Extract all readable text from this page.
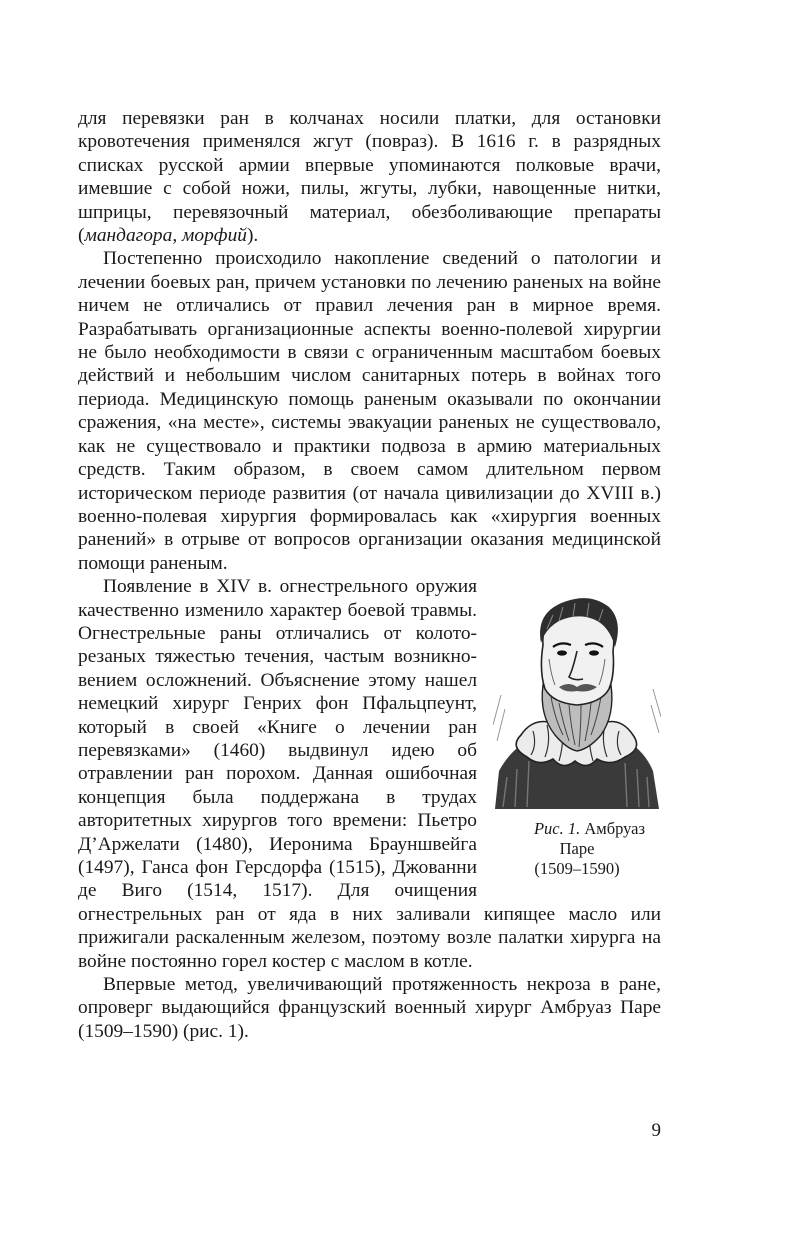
для перевязки ран в колчанах носили платки, для остановки кровотечения применялся жгут (повраз). В 1616 г. в разрядных списках русской армии впервые упоминаются полковые врачи, имевшие с собой ножи, пилы, жгуты, лубки, навощенные нитки, шприцы, перевязочный материал, обезболивающие препараты (мандагора, морфий).

Постепенно происходило накопление сведений о патологии и лечении боевых ран, причем установки по лечению раненых на войне ничем не отличались от правил лечения ран в мирное время. Разрабатывать организационные аспекты военно-полевой хирургии не было необходимости в связи с ограниченным масштабом боевых действий и небольшим числом санитарных потерь в войнах того периода. Медицинскую помощь раненым оказывали по окончании сражения, «на месте», системы эвакуации раненых не существовало, как не существовало и практики подвоза в армию материальных средств. Таким образом, в своем самом длительном первом историческом периоде развития (от начала цивилизации до XVIII в.) военно-полевая хирургия формировалась как «хирургия военных ранений» в отрыве от вопросов организации оказания медицинской помощи раненым.

Рис. 1. Амбруаз Паре
(1509–1590)
Появление в XIV в. огнестрельного оружия качественно изменило характер боевой травмы. Огнестрельные раны отличались от колото-резаных тяжестью течения, частым возникновением осложнений. Объяснение этому нашел немецкий хирург Генрих фон Пфальцпеунт, который в своей «Книге о лечении ран перевязками» (1460) выдвинул идею об отравлении ран порохом. Данная ошибочная концепция была поддержана в трудах авторитетных хирургов того времени: Пьетро Д’Аржелати (1480), Иеронима Брауншвейга (1497), Ганса фон Герсдорфа (1515), Джованни де Виго (1514, 1517). Для очищения огнестрельных ран от яда в них заливали кипящее масло или прижигали раскаленным железом, поэтому возле палатки хирурга на войне постоянно горел костер с маслом в котле.

Впервые метод, увеличивающий протяженность некроза в ране, опроверг выдающийся французский военный хирург Амбруаз Паре (1509–1590) (рис. 1).

9
